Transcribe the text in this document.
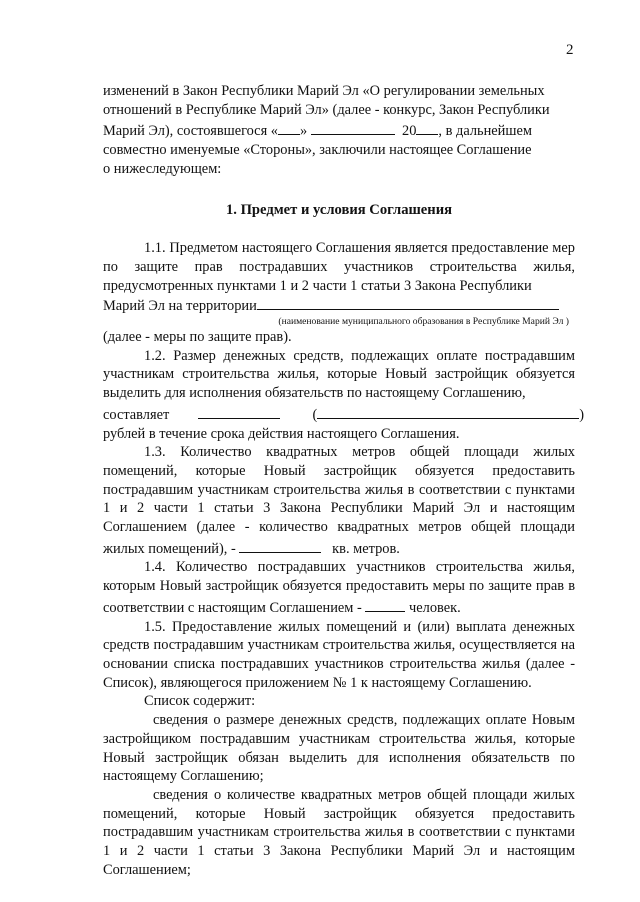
2

изменений в Закон Республики Марий Эл «О регулировании земельных

отношений в Республике Марий Эл» (далее - конкурс, Закон Республики

Марий Эл), состоявшегося « »	20 , в дальнейшем

совместно именуемые «Стороны», заключили настоящее Соглашение

о нижеследующем:

1. Предмет и условия Соглашения

1.1. Предметом настоящего Соглашения является предоставление мер по защите прав пострадавших участников строительства жилья, предусмотренных пунктами 1 и 2 части 1 статьи 3 Закона Республики

Марий Эл на территории

(наименование муниципального образования в Республике Марий Эл )

(далее - меры по защите прав).

1.2. Размер денежных средств, подлежащих оплате пострадавшим участникам строительства жилья, которые Новый застройщик обязуется выделить для исполнения обязательств по настоящему Соглашению,

составляет	(	)

рублей в течение срока действия настоящего Соглашения.

1.3. Количество квадратных метров общей площади жилых помещений, которые Новый застройщик обязуется предоставить пострадавшим участникам строительства жилья в соответствии с пунктами 1 и 2 части 1 статьи 3 Закона Республики Марий Эл и настоящим Соглашением (далее - количество квадратных метров общей площади жилых помещений), -	кв. метров.

1.4. Количество пострадавших участников строительства жилья, которым Новый застройщик обязуется предоставить меры по защите прав в соответствии с настоящим Соглашением -	человек.

1.5. Предоставление жилых помещений и (или) выплата денежных средств пострадавшим участникам строительства жилья, осуществляется на основании списка пострадавших участников строительства жилья (далее - Список), являющегося приложением № 1 к настоящему Соглашению.

Список содержит:

сведения о размере денежных средств, подлежащих оплате Новым застройщиком пострадавшим участникам строительства жилья, которые Новый застройщик обязан выделить для исполнения обязательств по настоящему Соглашению;

сведения о количестве квадратных метров общей площади жилых помещений, которые Новый застройщик обязуется предоставить пострадавшим участникам строительства жилья в соответствии с пунктами 1 и 2 части 1 статьи 3 Закона Республики Марий Эл и настоящим Соглашением;
